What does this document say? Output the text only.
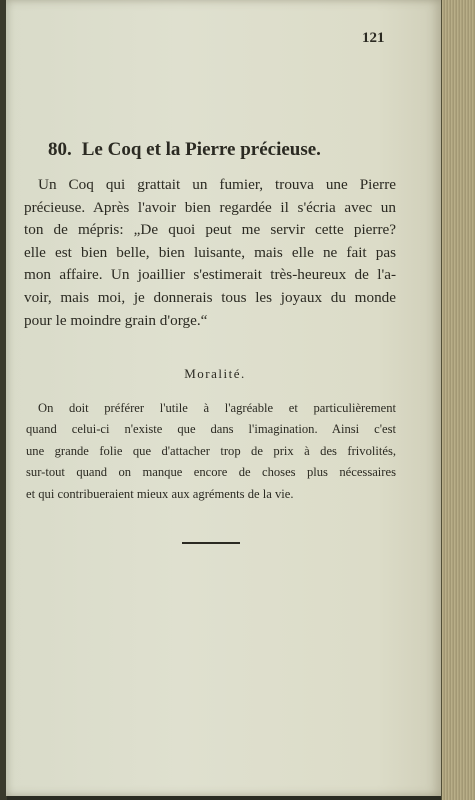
121
80. Le Coq et la Pierre précieuse.
Un Coq qui grattait un fumier, trouva une Pierre
précieuse. Après l'avoir bien regardée il s'écria avec un
ton de mépris: „De quoi peut me servir cette pierre?
elle est bien belle, bien luisante, mais elle ne fait pas
mon affaire. Un joaillier s'estimerait très-heureux de l'a-
voir, mais moi, je donnerais tous les joyaux du monde
pour le moindre grain d'orge.“
Moralité.
On doit préférer l'utile à l'agréable et particulièrement
quand celui-ci n'existe que dans l'imagination. Ainsi c'est
une grande folie que d'attacher trop de prix à des frivolités,
sur-tout quand on manque encore de choses plus nécessaires
et qui contribueraient mieux aux agréments de la vie.
